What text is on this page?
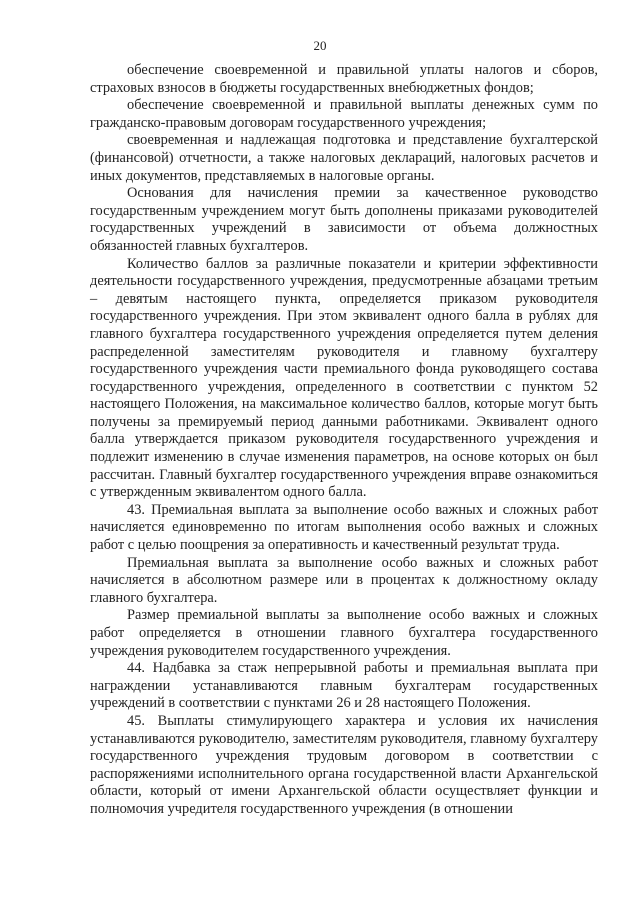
20

обеспечение своевременной и правильной уплаты налогов и сборов, страховых взносов в бюджеты государственных внебюджетных фондов;

обеспечение своевременной и правильной выплаты денежных сумм по гражданско-правовым договорам государственного учреждения;

своевременная и надлежащая подготовка и представление бухгалтерской (финансовой) отчетности, а также налоговых деклараций, налоговых расчетов и иных документов, представляемых в налоговые органы.

Основания для начисления премии за качественное руководство государственным учреждением могут быть дополнены приказами руководителей государственных учреждений в зависимости от объема должностных обязанностей главных бухгалтеров.

Количество баллов за различные показатели и критерии эффективности деятельности государственного учреждения, предусмотренные абзацами третьим – девятым настоящего пункта, определяется приказом руководителя государственного учреждения. При этом эквивалент одного балла в рублях для главного бухгалтера государственного учреждения определяется путем деления распределенной заместителям руководителя и главному бухгалтеру государственного учреждения части премиального фонда руководящего состава государственного учреждения, определенного в соответствии с пунктом 52 настоящего Положения, на максимальное количество баллов, которые могут быть получены за премируемый период данными работниками. Эквивалент одного балла утверждается приказом руководителя государственного учреждения и подлежит изменению в случае изменения параметров, на основе которых он был рассчитан. Главный бухгалтер государственного учреждения вправе ознакомиться с утвержденным эквивалентом одного балла.

43. Премиальная выплата за выполнение особо важных и сложных работ начисляется единовременно по итогам выполнения особо важных и сложных работ с целью поощрения за оперативность и качественный результат труда.

Премиальная выплата за выполнение особо важных и сложных работ начисляется в абсолютном размере или в процентах к должностному окладу главного бухгалтера.

Размер премиальной выплаты за выполнение особо важных и сложных работ определяется в отношении главного бухгалтера государственного учреждения руководителем государственного учреждения.

44. Надбавка за стаж непрерывной работы и премиальная выплата при награждении устанавливаются главным бухгалтерам государственных учреждений в соответствии с пунктами 26 и 28 настоящего Положения.

45. Выплаты стимулирующего характера и условия их начисления устанавливаются руководителю, заместителям руководителя, главному бухгалтеру государственного учреждения трудовым договором в соответствии с распоряжениями исполнительного органа государственной власти Архангельской области, который от имени Архангельской области осуществляет функции и полномочия учредителя государственного учреждения (в отношении
